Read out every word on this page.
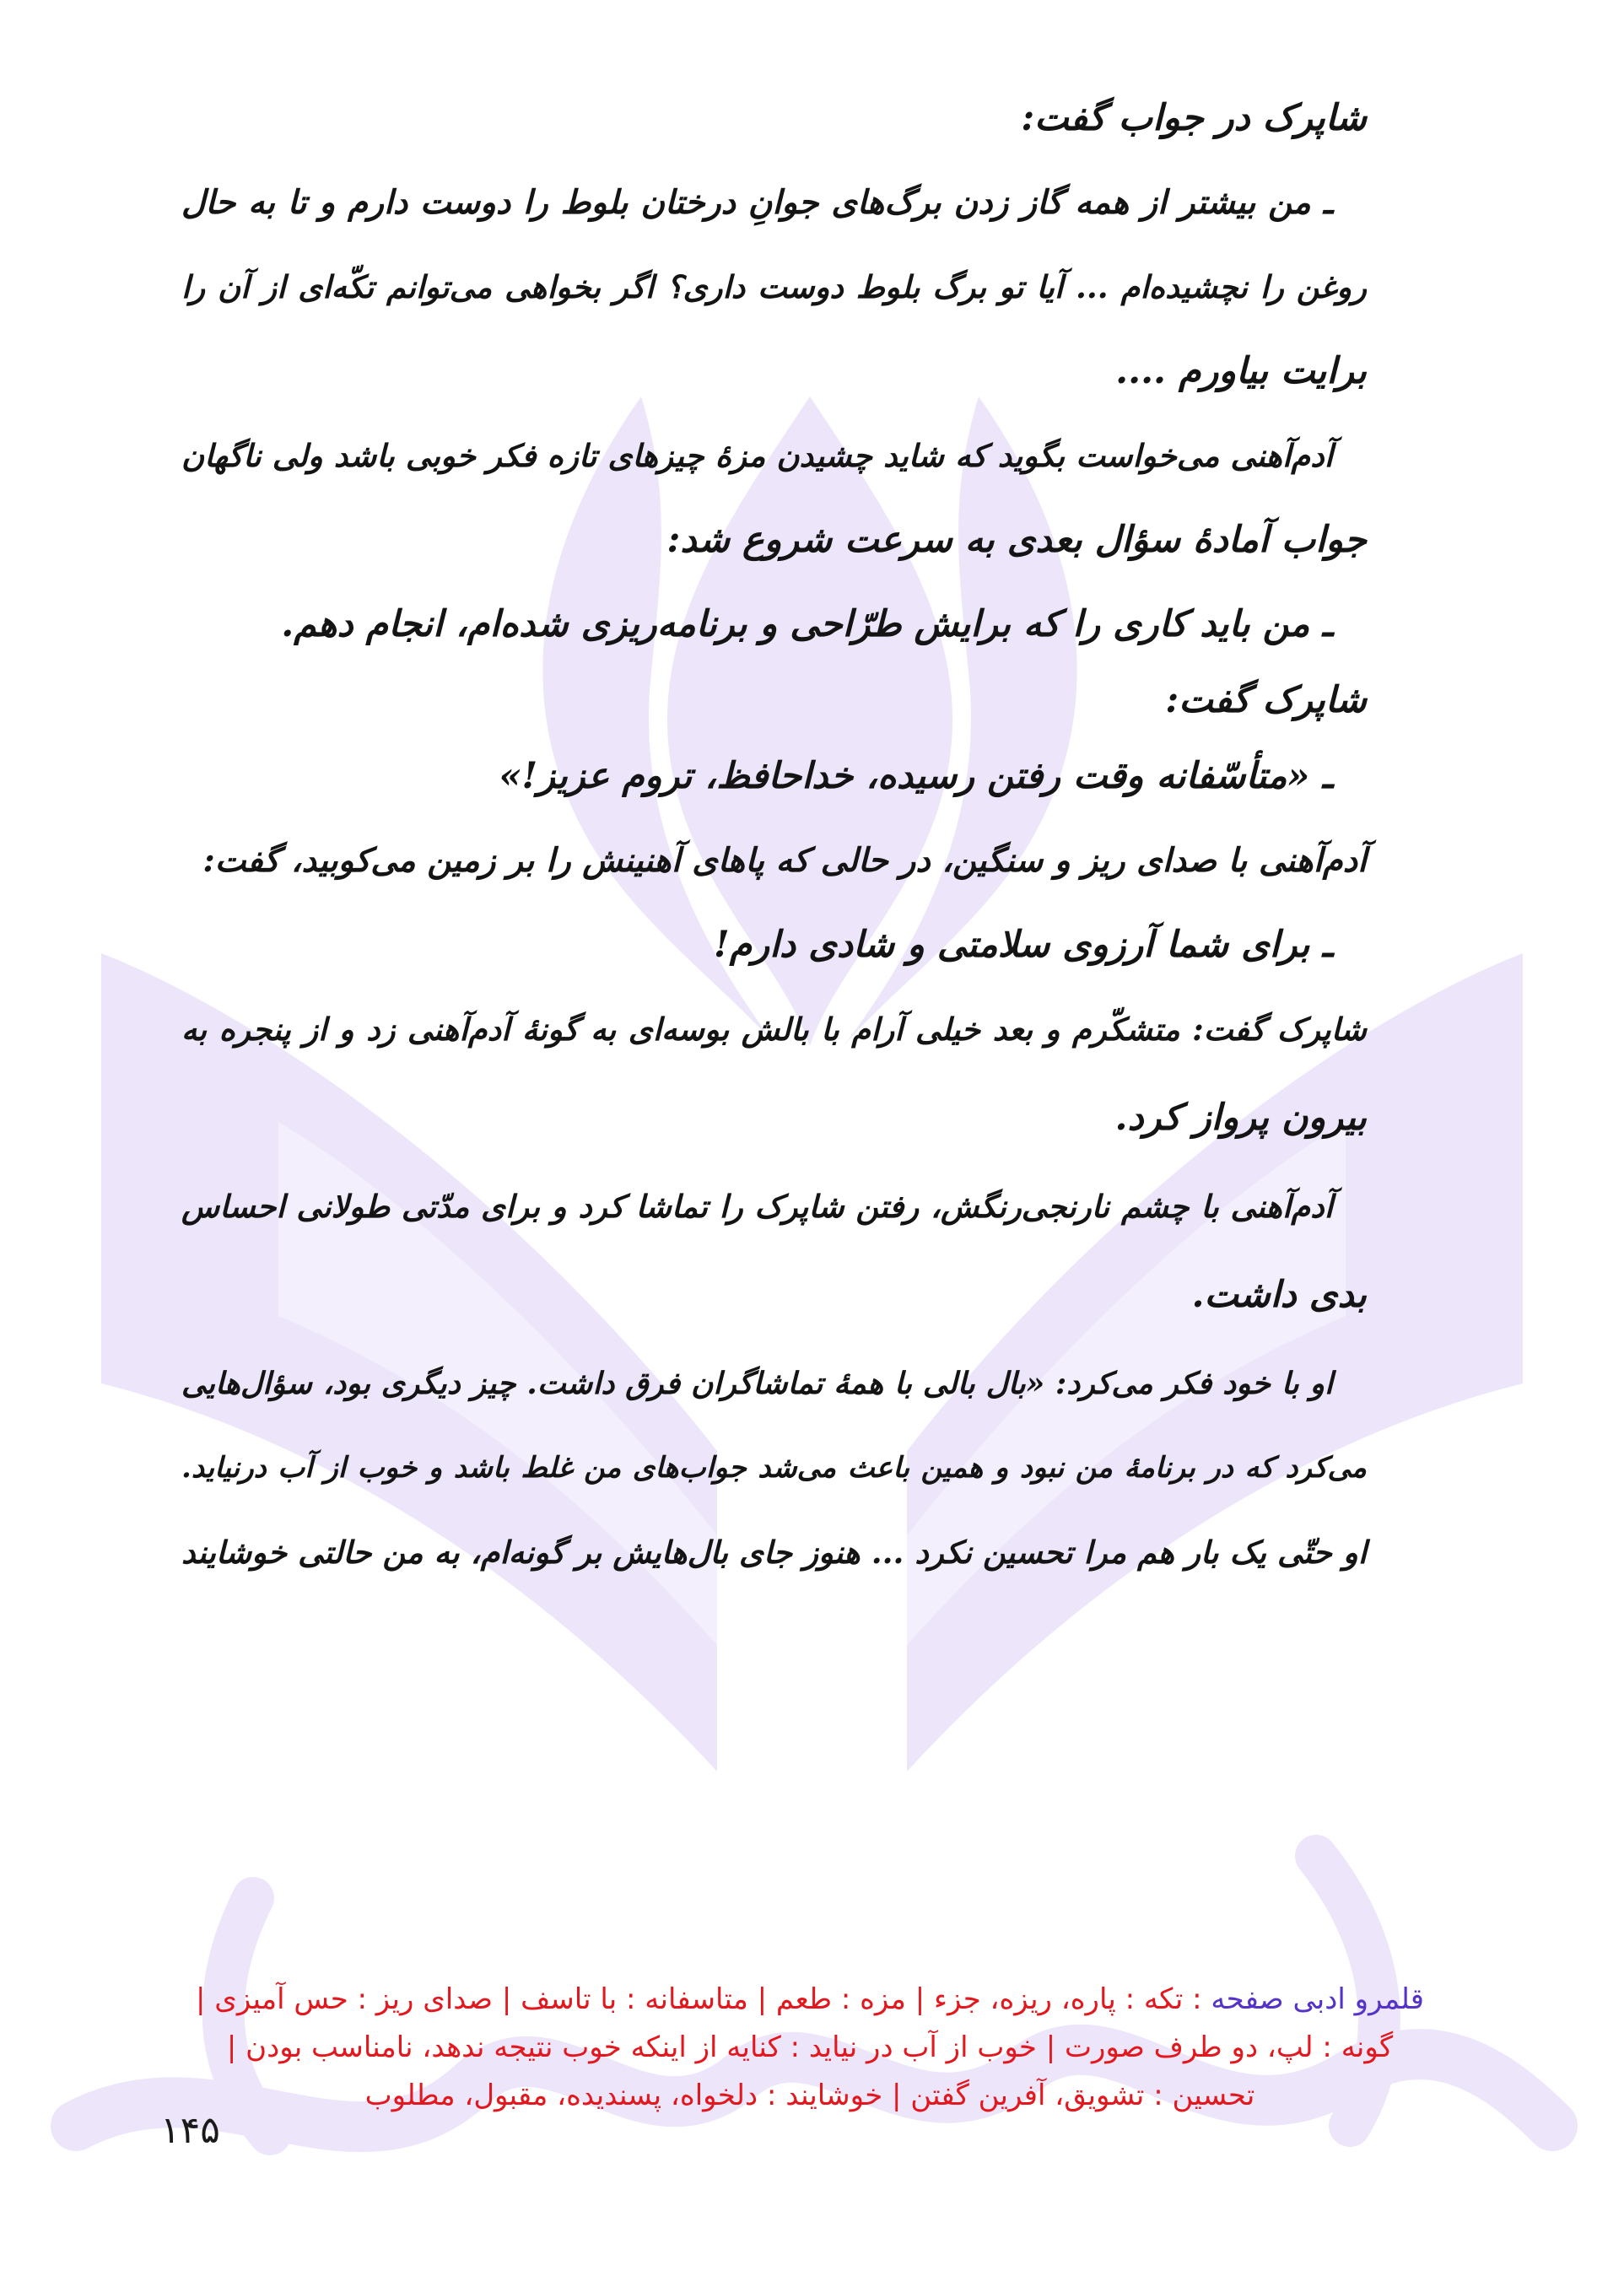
شاپرک در جواب گفت:
ـ من بیشتر از همه گاز زدن برگ‌های جوانِ درختان بلوط را دوست دارم و تا به حال
روغن را نچشیده‌ام ... آیا تو برگ بلوط دوست داری؟ اگر بخواهی می‌توانم تکّه‌ای از آن را
برایت بیاورم ....
آدم‌آهنی می‌خواست بگوید که شاید چشیدن مزۀ چیزهای تازه فکر خوبی باشد ولی ناگهان
جواب آمادۀ سؤال بعدی به سرعت شروع شد:
ـ من باید کاری را که برایش طرّاحی و برنامه‌ریزی شده‌ام، انجام دهم.
شاپرک گفت:
ـ «متأسّفانه وقت رفتن رسیده، خداحافظ، تروم عزیز!»
آدم‌آهنی با صدای ریز و سنگین، در حالی که پاهای آهنینش را بر زمین می‌کوبید، گفت:
ـ برای شما آرزوی سلامتی و شادی دارم!
شاپرک گفت: متشکّرم و بعد خیلی آرام با بالش بوسه‌ای به گونۀ آدم‌آهنی زد و از پنجره به
بیرون پرواز کرد.
آدم‌آهنی با چشم نارنجی‌رنگش، رفتن شاپرک را تماشا کرد و برای مدّتی طولانی احساس
بدی داشت.
او با خود فکر می‌کرد: «بال بالی با همۀ تماشاگران فرق داشت. چیز دیگری بود، سؤال‌هایی
می‌کرد که در برنامۀ من نبود و همین باعث می‌شد جواب‌های من غلط باشد و خوب از آب درنیاید.
او حتّی یک بار هم مرا تحسین نکرد ... هنوز جای بال‌هایش بر گونه‌ام، به من حالتی خوشایند
قلمرو ادبی صفحه : تکه : پاره، ریزه، جزء | مزه : طعم | متاسفانه : با تاسف | صدای ریز : حس آمیزی |
گونه : لپ، دو طرف صورت | خوب از آب در نیاید : کنایه از اینکه خوب نتیجه ندهد، نامناسب بودن |
تحسین : تشویق، آفرین گفتن | خوشایند : دلخواه، پسندیده، مقبول، مطلوب
۱۴۵
